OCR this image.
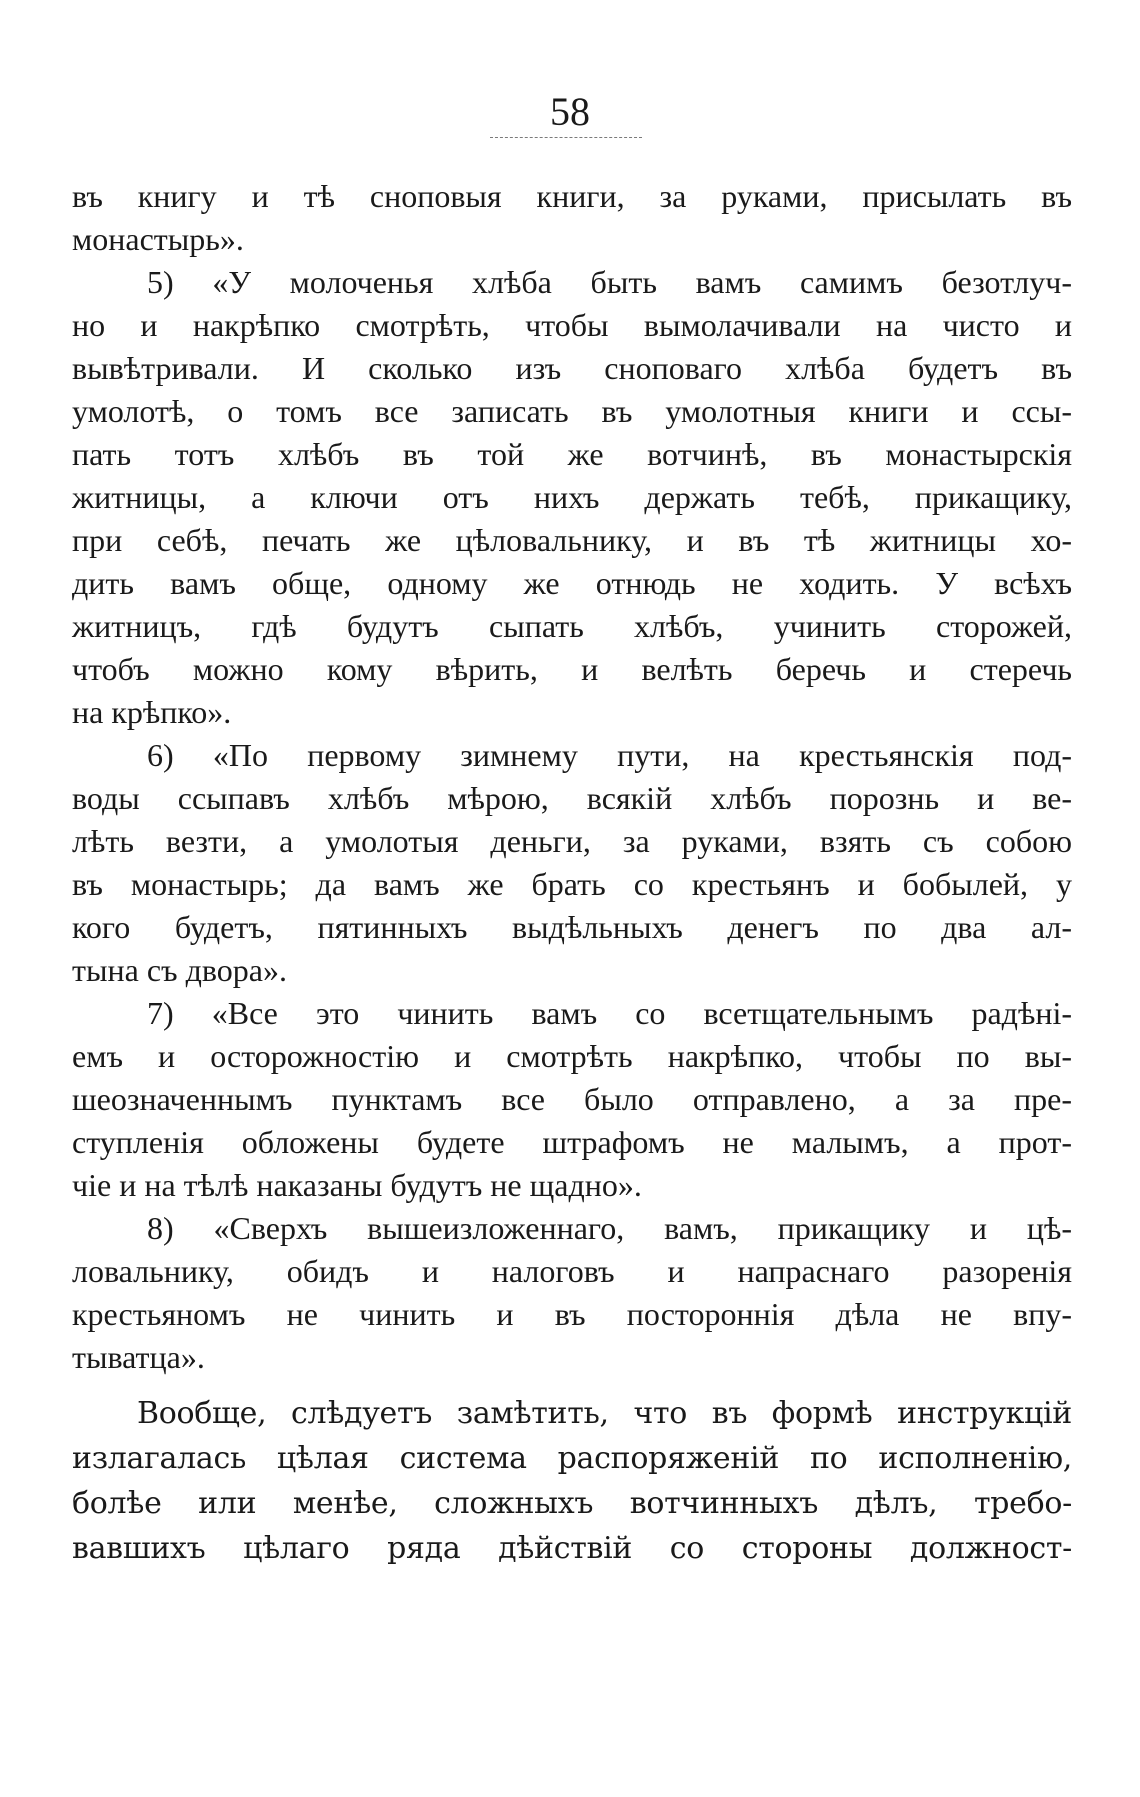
58
въ книгу и тѣ сноповыя книги, за руками, присылать въ
монастырь».
5) «У молоченья хлѣба быть вамъ самимъ безотлуч-
но и накрѣпко смотрѣть, чтобы вымолачивали на чисто и
вывѣтривали. И сколько изъ сноповаго хлѣба будетъ въ
умолотѣ, о томъ все записать въ умолотныя книги и ссы-
пать тотъ хлѣбъ въ той же вотчинѣ, въ монастырскія
житницы, а ключи отъ нихъ держать тебѣ, прикащику,
при себѣ, печать же цѣловальнику, и въ тѣ житницы хо-
дить вамъ обще, одному же отнюдь не ходить. У всѣхъ
житницъ, гдѣ будутъ сыпать хлѣбъ, учинить сторожей,
чтобъ можно кому вѣрить, и велѣть беречь и стеречь
на крѣпко».
6) «По первому зимнему пути, на крестьянскія под-
воды ссыпавъ хлѣбъ мѣрою, всякій хлѣбъ порознь и ве-
лѣть везти, а умолотыя деньги, за руками, взять съ собою
въ монастырь; да вамъ же брать со крестьянъ и бобылей, у
кого будетъ, пятинныхъ выдѣльныхъ денегъ по два ал-
тына съ двора».
7) «Все это чинить вамъ со всетщательнымъ радѣні-
емъ и осторожностію и смотрѣть накрѣпко, чтобы по вы-
шеозначеннымъ пунктамъ все было отправлено, а за пре-
ступленія обложены будете штрафомъ не малымъ, а прот-
чіе и на тѣлѣ наказаны будутъ не щадно».
8) «Сверхъ вышеизложеннаго, вамъ, прикащику и цѣ-
ловальнику, обидъ и налоговъ и напраснаго разоренія
крестьяномъ не чинить и въ постороннія дѣла не впу-
тыватца».
Вообще, слѣдуетъ замѣтить, что въ формѣ инструкцій
излагалась цѣлая система распоряженій по исполненію,
болѣе или менѣе, сложныхъ вотчинныхъ дѣлъ, требо-
вавшихъ цѣлаго ряда дѣйствій со стороны должност-
